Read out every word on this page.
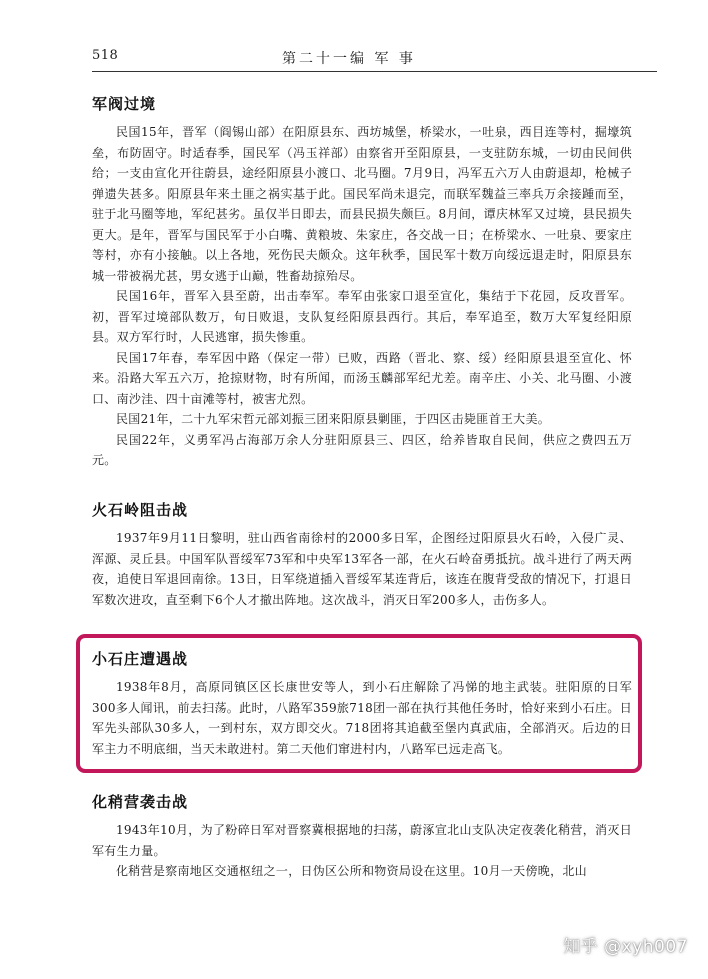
518	第二十一编 军 事
军阀过境

民国15年，晋军（阎锡山部）在阳原县东、西坊城堡，桥梁水，一吐泉，西目连等村，掘壕筑垒，布防固守。时适春季，国民军（冯玉祥部）由察省开至阳原县，一支驻防东城，一切由民间供给；一支由宣化开往蔚县，途经阳原县小渡口、北马圈。7月9日，冯军五六万人由蔚退却，枪械子弹遗失甚多。阳原县年来土匪之祸实基于此。国民军尚未退完，而联军魏益三率兵万余接踵而至，驻于北马圈等地，军纪甚劣。虽仅半日即去，而县民损失颇巨。8月间，谭庆林军又过境，县民损失更大。是年，晋军与国民军于小白嘴、黄粮坡、朱家庄，各交战一日；在桥梁水、一吐泉、要家庄等村，亦有小接触。以上各地，死伤民夫颇众。这年秋季，国民军十数万向绥远退走时，阳原县东城一带被祸尤甚，男女逃于山巅，牲畜劫掠殆尽。

民国16年，晋军入县至蔚，出击奉军。奉军由张家口退至宣化，集结于下花园，反攻晋军。初，晋军过境部队数万，旬日败退，支队复经阳原县西行。其后，奉军追至，数万大军复经阳原县。双方军行时，人民逃窜，损失惨重。

民国17年春，奉军因中路（保定一带）已败，西路（晋北、察、绥）经阳原县退至宣化、怀来。沿路大军五六万，抢掠财物，时有所闻，而汤玉麟部军纪尤差。南辛庄、小关、北马圈、小渡口、南沙洼、四十亩滩等村，被害尤烈。

民国21年，二十九军宋哲元部刘振三团来阳原县剿匪，于四区击毙匪首王大美。

民国22年，义勇军冯占海部万余人分驻阳原县三、四区，给养皆取自民间，供应之费四五万元。

火石岭阻击战

1937年9月11日黎明，驻山西省南徐村的2000多日军，企图经过阳原县火石岭，入侵广灵、浑源、灵丘县。中国军队晋绥军73军和中央军13军各一部，在火石岭奋勇抵抗。战斗进行了两天两夜，追使日军退回南徐。13日，日军绕道插入晋绥军某连背后，该连在腹背受敌的情况下，打退日军数次进攻，直至剩下6个人才撤出阵地。这次战斗，消灭日军200多人，击伤多人。

小石庄遭遇战

1938年8月，高原同镇区区长康世安等人，到小石庄解除了冯悌的地主武装。驻阳原的日军300多人闻讯，前去扫荡。此时，八路军359旅718团一部在执行其他任务时，恰好来到小石庄。日军先头部队30多人，一到村东，双方即交火。718团将其追截至堡内真武庙，全部消灭。后边的日军主力不明底细，当天未敢进村。第二天他们窜进村内，八路军已远走高飞。

化稍营袭击战

1943年10月，为了粉碎日军对晋察冀根据地的扫荡，蔚涿宣北山支队决定夜袭化稍营，消灭日军有生力量。

化稍营是察南地区交通枢纽之一，日伪区公所和物资局设在这里。10月一天傍晚，北山

知乎 @xyh007
